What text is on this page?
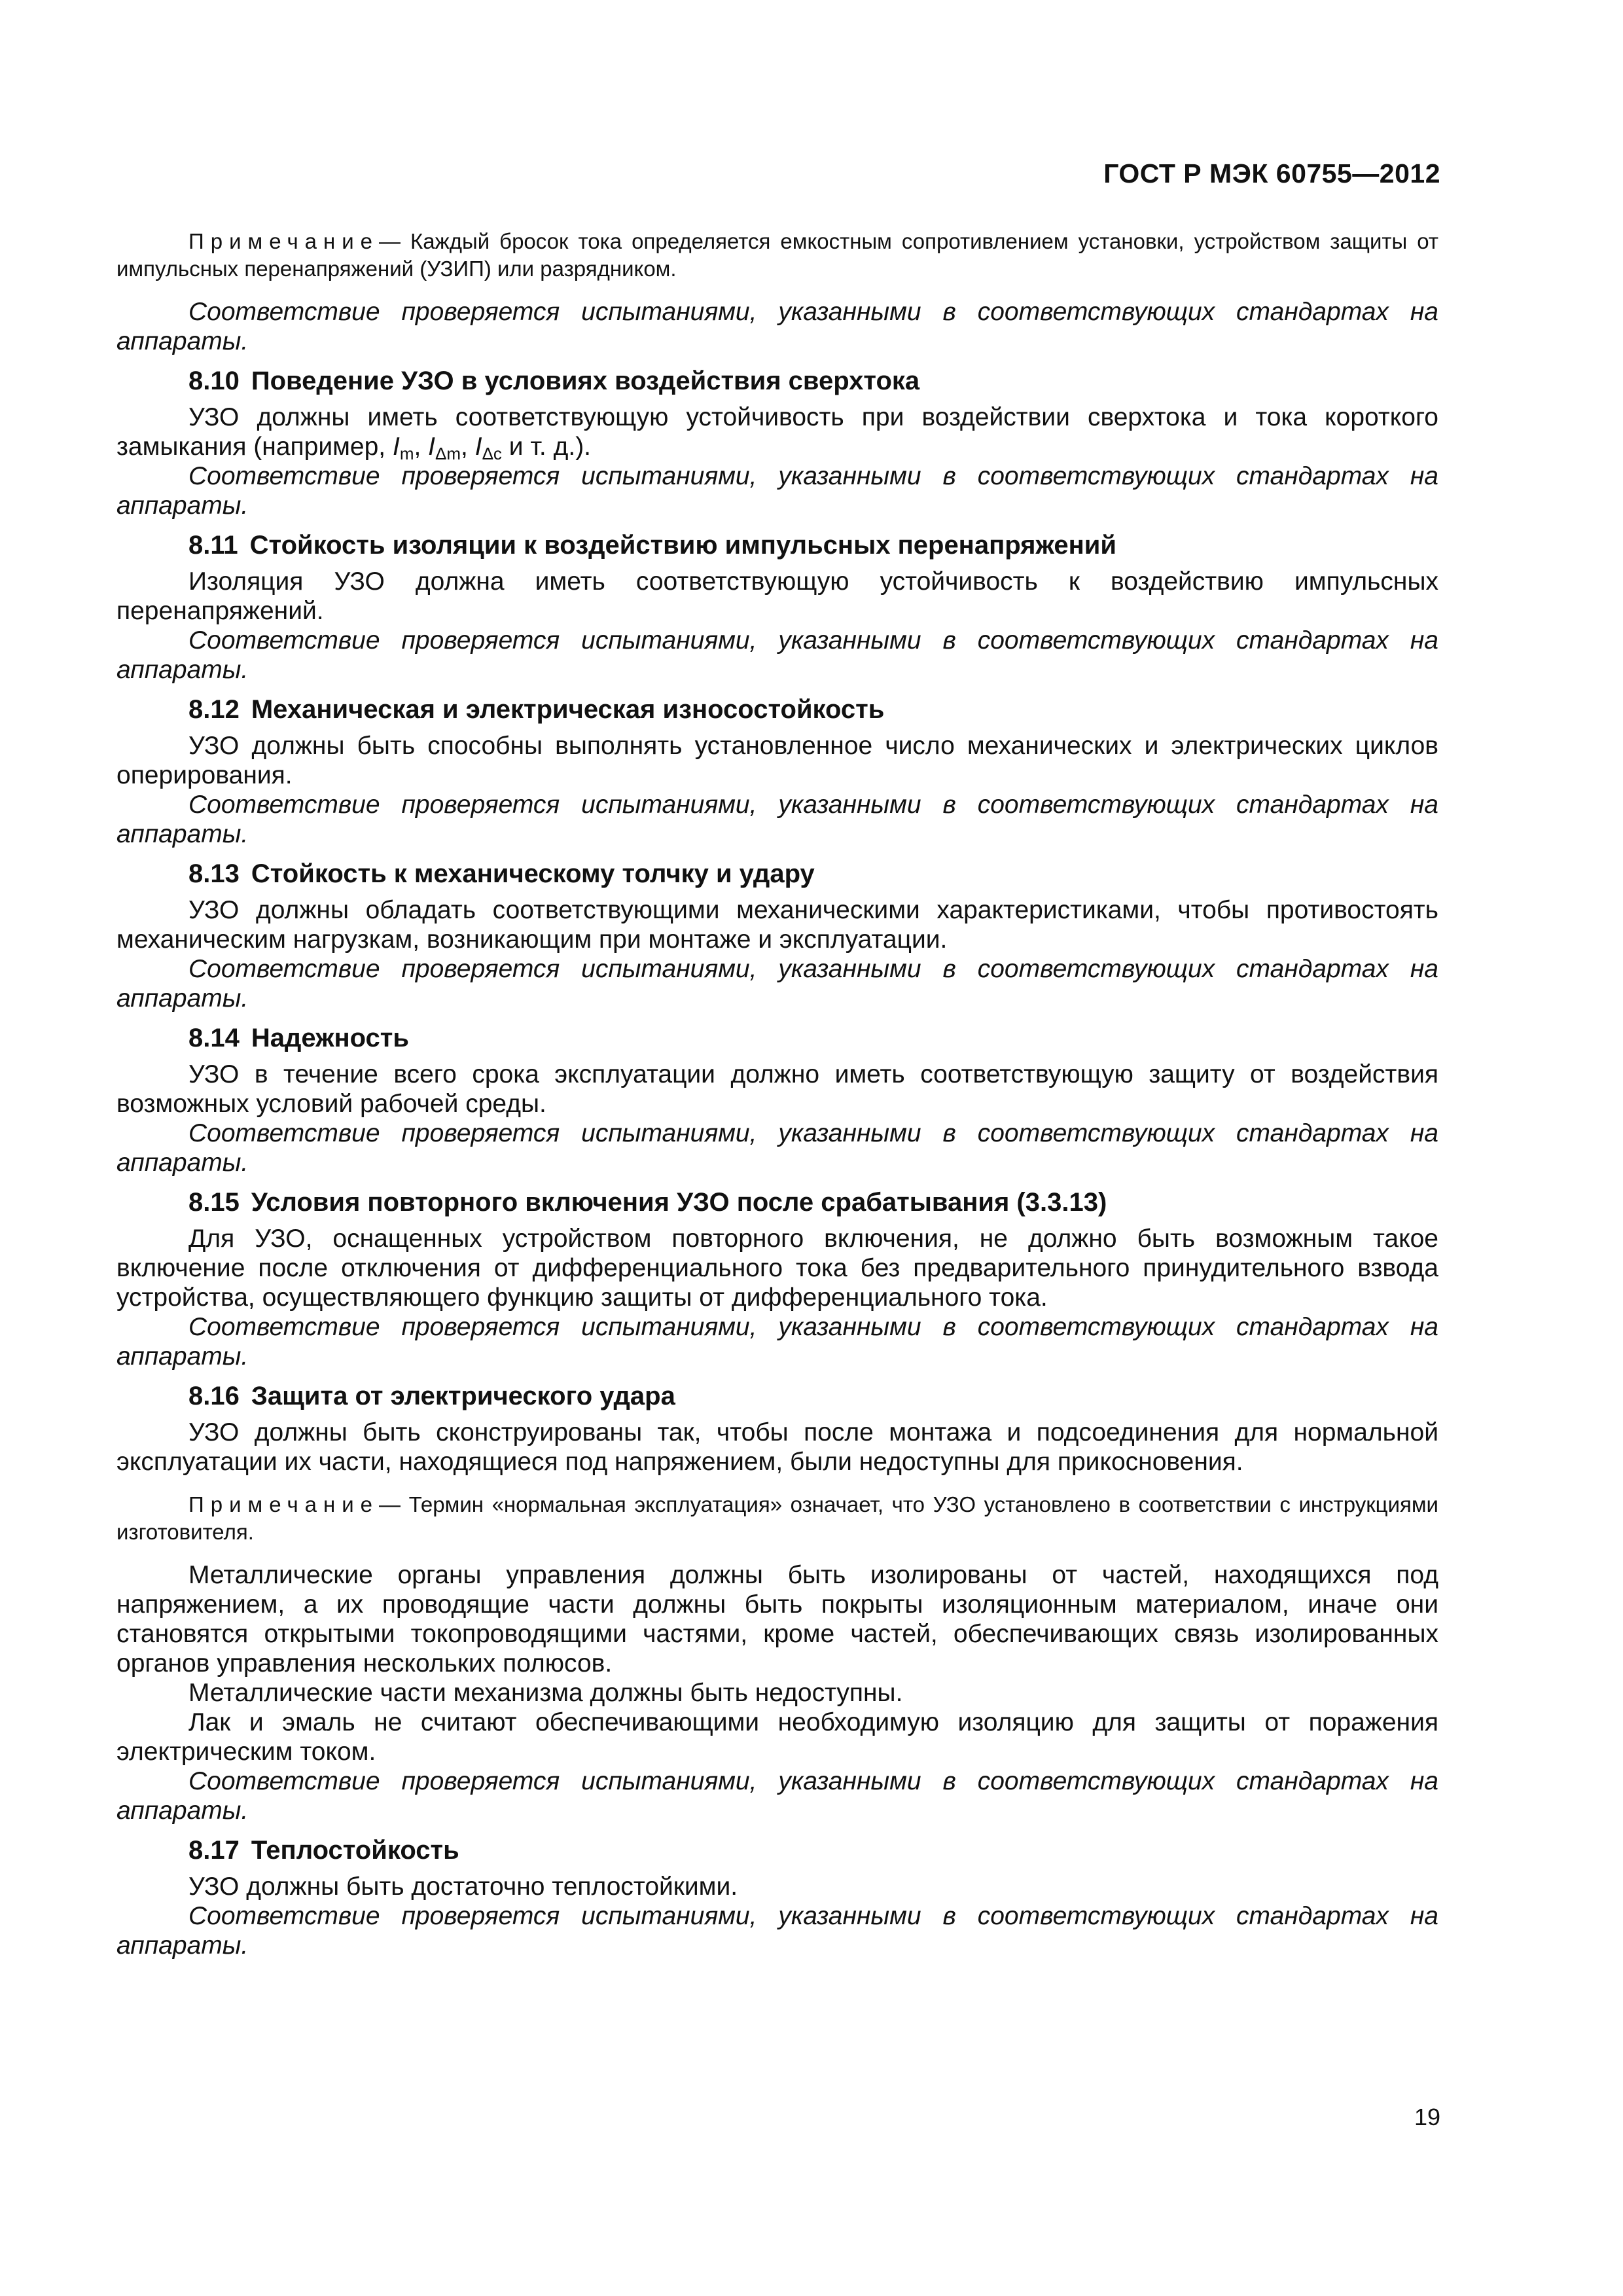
ГОСТ Р МЭК 60755—2012

Примечание— Каждый бросок тока определяется емкостным сопротивлением установки, устройством защиты от импульсных перенапряжений (УЗИП) или разрядником.

Соответствие проверяется испытаниями, указанными в соответствующих стандартах на аппараты.

8.10 Поведение УЗО в условиях воздействия сверхтока

УЗО должны иметь соответствующую устойчивость при воздействии сверхтока и тока короткого замыкания (например, $I_m$, $I_{\Delta m}$, $I_{\Delta c}$ и т. д.).

Соответствие проверяется испытаниями, указанными в соответствующих стандартах на аппараты.

8.11 Стойкость изоляции к воздействию импульсных перенапряжений

Изоляция УЗО должна иметь соответствующую устойчивость к воздействию импульсных перенапряжений.

Соответствие проверяется испытаниями, указанными в соответствующих стандартах на аппараты.

8.12 Механическая и электрическая износостойкость

УЗО должны быть способны выполнять установленное число механических и электрических циклов оперирования.

Соответствие проверяется испытаниями, указанными в соответствующих стандартах на аппараты.

8.13 Стойкость к механическому толчку и удару

УЗО должны обладать соответствующими механическими характеристиками, чтобы противостоять механическим нагрузкам, возникающим при монтаже и эксплуатации.

Соответствие проверяется испытаниями, указанными в соответствующих стандартах на аппараты.

8.14 Надежность

УЗО в течение всего срока эксплуатации должно иметь соответствующую защиту от воздействия возможных условий рабочей среды.

Соответствие проверяется испытаниями, указанными в соответствующих стандартах на аппараты.

8.15 Условия повторного включения УЗО после срабатывания (3.3.13)

Для УЗО, оснащенных устройством повторного включения, не должно быть возможным такое включение после отключения от дифференциального тока без предварительного принудительного взвода устройства, осуществляющего функцию защиты от дифференциального тока.

Соответствие проверяется испытаниями, указанными в соответствующих стандартах на аппараты.

8.16 Защита от электрического удара

УЗО должны быть сконструированы так, чтобы после монтажа и подсоединения для нормальной эксплуатации их части, находящиеся под напряжением, были недоступны для прикосновения.

Примечание— Термин «нормальная эксплуатация» означает, что УЗО установлено в соответствии с инструкциями изготовителя.

Металлические органы управления должны быть изолированы от частей, находящихся под напряжением, а их проводящие части должны быть покрыты изоляционным материалом, иначе они становятся открытыми токопроводящими частями, кроме частей, обеспечивающих связь изолированных органов управления нескольких полюсов.

Металлические части механизма должны быть недоступны.

Лак и эмаль не считают обеспечивающими необходимую изоляцию для защиты от поражения электрическим током.

Соответствие проверяется испытаниями, указанными в соответствующих стандартах на аппараты.

8.17 Теплостойкость

УЗО должны быть достаточно теплостойкими.

Соответствие проверяется испытаниями, указанными в соответствующих стандартах на аппараты.

19
